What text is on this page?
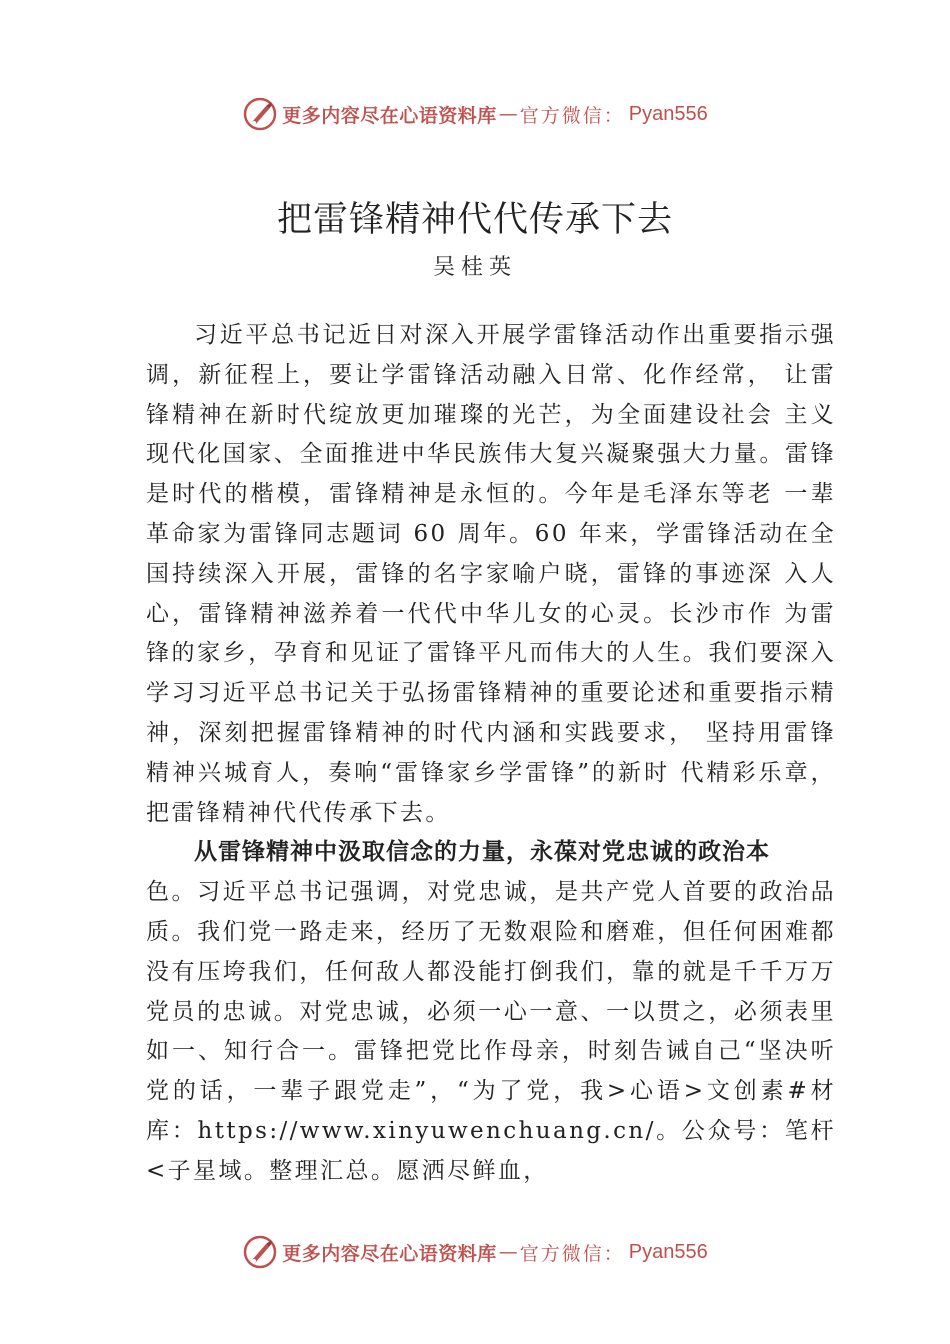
更多内容尽在心语资料库 — 官方微信： Pyan556
把雷锋精神代代传承下去
吴桂英

习近平总书记近日对深入开展学雷锋活动作出重要指示强调，新征程上，要让学雷锋活动融入日常、化作经常， 让雷锋精神在新时代绽放更加璀璨的光芒，为全面建设社会 主义现代化国家、全面推进中华民族伟大复兴凝聚强大力量。雷锋是时代的楷模，雷锋精神是永恒的。今年是毛泽东等老 一辈革命家为雷锋同志题词 60 周年。60 年来，学雷锋活动在全国持续深入开展，雷锋的名字家喻户晓，雷锋的事迹深 入人心，雷锋精神滋养着一代代中华儿女的心灵。长沙市作 为雷锋的家乡，孕育和见证了雷锋平凡而伟大的人生。我们要深入学习习近平总书记关于弘扬雷锋精神的重要论述和重要指示精神，深刻把握雷锋精神的时代内涵和实践要求， 坚持用雷锋精神兴城育人，奏响“雷锋家乡学雷锋”的新时 代精彩乐章，把雷锋精神代代传承下去。

从雷锋精神中汲取信念的力量，永葆对党忠诚的政治本

色。习近平总书记强调，对党忠诚，是共产党人首要的政治品质。我们党一路走来，经历了无数艰险和磨难，但任何困难都没有压垮我们，任何敌人都没能打倒我们，靠的就是千千万万党员的忠诚。对党忠诚，必须一心一意、一以贯之，必须表里如一、知行合一。雷锋把党比作母亲，时刻告诫自己“坚决听党的话，一辈子跟党走”，“为了党，我>心语>文创素#材库：https://www.xinyuwenchuang.cn/。公众号：笔杆<子星域。整理汇总。愿洒尽鲜血，

更多内容尽在心语资料库 — 官方微信： Pyan556
